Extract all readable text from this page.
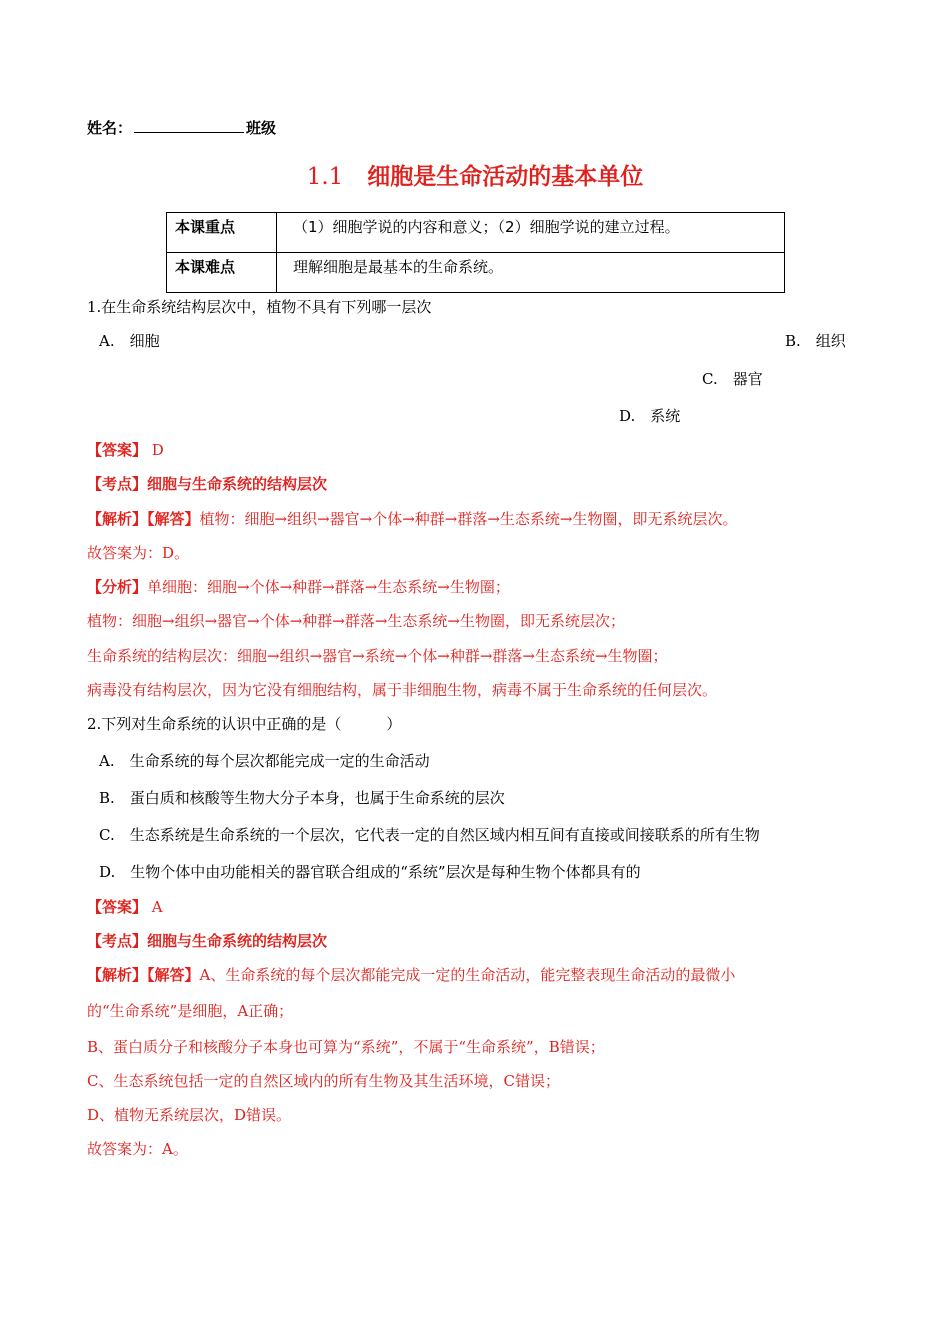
姓名：	班级
1.1 细胞是生命活动的基本单位
本课重点	（1）细胞学说的内容和意义；（2）细胞学说的建立过程。
本课难点	理解细胞是最基本的生命系统。
1.在生命系统结构层次中，植物不具有下列哪一层次
A.　细胞	B.　组织
C.　器官
D.　系统
【答案】 D
【考点】细胞与生命系统的结构层次
【解析】【解答】植物：细胞→组织→器官→个体→种群→群落→生态系统→生物圈，即无系统层次。
故答案为：D。
【分析】单细胞：细胞→个体→种群→群落→生态系统→生物圈；
植物：细胞→组织→器官→个体→种群→群落→生态系统→生物圈，即无系统层次；
生命系统的结构层次：细胞→组织→器官→系统→个体→种群→群落→生态系统→生物圈；
病毒没有结构层次，因为它没有细胞结构，属于非细胞生物，病毒不属于生命系统的任何层次。
2.下列对生命系统的认识中正确的是（　　　）
A.　生命系统的每个层次都能完成一定的生命活动
B.　蛋白质和核酸等生物大分子本身，也属于生命系统的层次
C.　生态系统是生命系统的一个层次，它代表一定的自然区域内相互间有直接或间接联系的所有生物
D.　生物个体中由功能相关的器官联合组成的“系统”层次是每种生物个体都具有的
【答案】 A
【考点】细胞与生命系统的结构层次
【解析】【解答】A、生命系统的每个层次都能完成一定的生命活动，能完整表现生命活动的最微小
的“生命系统”是细胞，A正确；
B、蛋白质分子和核酸分子本身也可算为“系统”，不属于“生命系统”，B错误；
C、生态系统包括一定的自然区域内的所有生物及其生活环境，C错误；
D、植物无系统层次，D错误。
故答案为：A。
